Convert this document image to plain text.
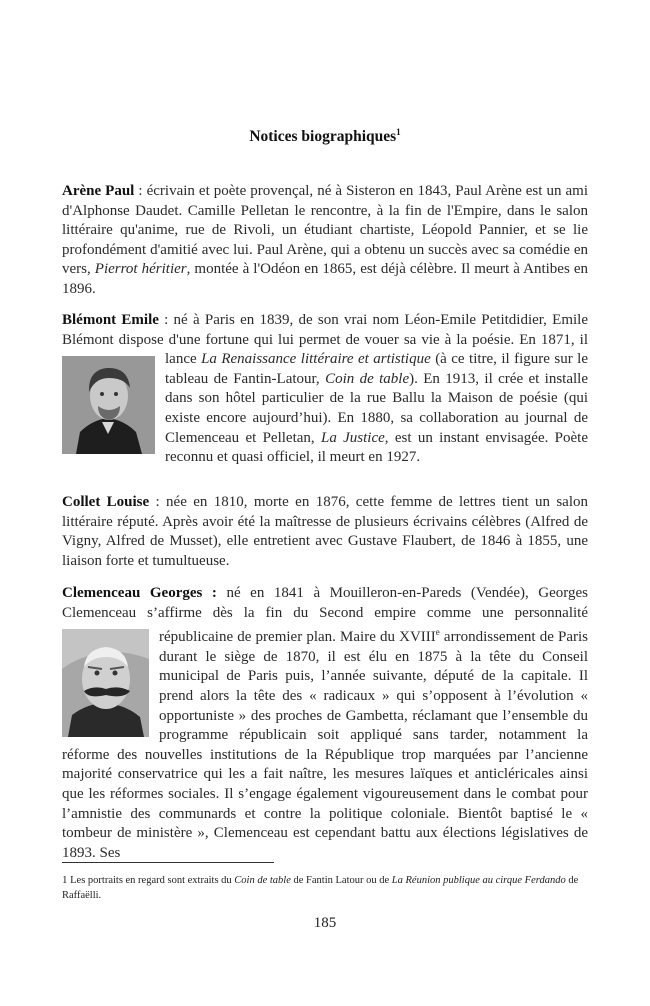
Notices biographiques$^1$

Arène Paul : écrivain et poète provençal, né à Sisteron en 1843, Paul Arène est un ami d'Alphonse Daudet. Camille Pelletan le rencontre, à la fin de l'Empire, dans le salon littéraire qu'anime, rue de Rivoli, un étudiant chartiste, Léopold Pannier, et se lie profondément d'amitié avec lui. Paul Arène, qui a obtenu un succès avec sa comédie en vers, Pierrot héritier, montée à l'Odéon en 1865, est déjà célèbre. Il meurt à Antibes en 1896.

Blémont Emile : né à Paris en 1839, de son vrai nom Léon-Emile Petitdidier, Emile Blémont dispose d'une fortune qui lui permet de vouer sa vie à la poésie. En 1871, il lance
La Renaissance littéraire et artistique (à ce titre, il figure sur le tableau de Fantin-Latour, Coin de table). En 1913, il crée et installe dans son hôtel particulier de la rue Ballu la Maison de poésie (qui existe encore aujourd’hui). En 1880, sa collaboration au journal de Clemenceau et Pelletan, La Justice, est un instant envisagée. Poète reconnu et quasi officiel, il meurt en 1927.

Collet Louise : née en 1810, morte en 1876, cette femme de lettres tient un salon littéraire réputé. Après avoir été la maîtresse de plusieurs écrivains célèbres (Alfred de Vigny, Alfred de Musset), elle entretient avec Gustave Flaubert, de 1846 à 1855, une liaison forte et tumultueuse.

Clemenceau Georges : né en 1841 à Mouilleron-en-Pareds (Vendée), Georges Clemenceau s’affirme dès la fin du Second empire comme une personnalité républicaine de premier plan. Maire du XVIII
$^e$ arrondissement de Paris durant le siège de 1870, il est élu en 1875 à la tête du Conseil municipal de Paris puis, l’année suivante, député de la capitale. Il prend alors la tête des « radicaux » qui s’opposent à l’évolution « opportuniste » des proches de Gambetta, réclamant que l’ensemble du programme républicain soit appliqué sans tarder, notamment la réforme des nouvelles institutions de la République trop marquées par l’ancienne majorité conservatrice qui les a fait naître, les mesures laïques et anticléricales ainsi que les réformes sociales. Il s’engage également vigoureusement dans le combat pour l’amnistie des communards et contre la politique coloniale. Bientôt baptisé le « tombeur de ministère », Clemenceau est cependant battu aux élections législatives de 1893. Ses

$^1$ Les portraits en regard sont extraits du Coin de table de Fantin Latour ou de La Réunion publique au cirque Ferdando de Raffaëlli.

185
